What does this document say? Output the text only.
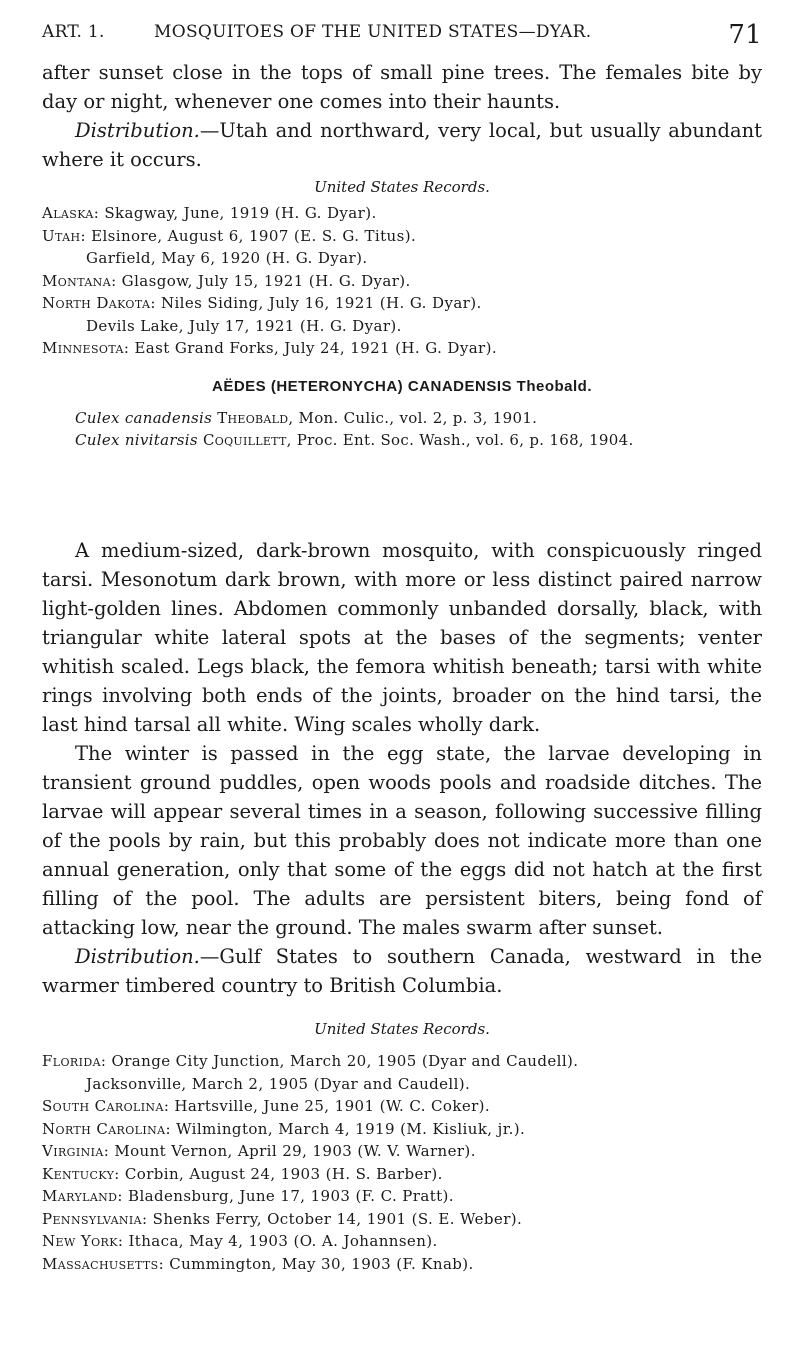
ART. 1.	MOSQUITOES OF THE UNITED STATES—DYAR.	71

after sunset close in the tops of small pine trees. The females bite by day or night, whenever one comes into their haunts.

Distribution.—Utah and northward, very local, but usually abundant where it occurs.

United States Records.
Alaska: Skagway, June, 1919 (H. G. Dyar).
Utah: Elsinore, August 6, 1907 (E. S. G. Titus).
Garfield, May 6, 1920 (H. G. Dyar).
Montana: Glasgow, July 15, 1921 (H. G. Dyar).
North Dakota: Niles Siding, July 16, 1921 (H. G. Dyar).
Devils Lake, July 17, 1921 (H. G. Dyar).
Minnesota: East Grand Forks, July 24, 1921 (H. G. Dyar).
AËDES (HETERONYCHA) CANADENSIS Theobald.
Culex canadensis Theobald, Mon. Culic., vol. 2, p. 3, 1901.
Culex nivitarsis Coquillett, Proc. Ent. Soc. Wash., vol. 6, p. 168, 1904.

A medium-sized, dark-brown mosquito, with conspicuously ringed tarsi. Mesonotum dark brown, with more or less distinct paired narrow light-golden lines. Abdomen commonly unbanded dorsally, black, with triangular white lateral spots at the bases of the segments; venter whitish scaled. Legs black, the femora whitish beneath; tarsi with white rings involving both ends of the joints, broader on the hind tarsi, the last hind tarsal all white. Wing scales wholly dark.

The winter is passed in the egg state, the larvae developing in transient ground puddles, open woods pools and roadside ditches. The larvae will appear several times in a season, following successive filling of the pools by rain, but this probably does not indicate more than one annual generation, only that some of the eggs did not hatch at the first filling of the pool. The adults are persistent biters, being fond of attacking low, near the ground. The males swarm after sunset.

Distribution.—Gulf States to southern Canada, westward in the warmer timbered country to British Columbia.

United States Records.
Florida: Orange City Junction, March 20, 1905 (Dyar and Caudell).
Jacksonville, March 2, 1905 (Dyar and Caudell).
South Carolina: Hartsville, June 25, 1901 (W. C. Coker).
North Carolina: Wilmington, March 4, 1919 (M. Kisliuk, jr.).
Virginia: Mount Vernon, April 29, 1903 (W. V. Warner).
Kentucky: Corbin, August 24, 1903 (H. S. Barber).
Maryland: Bladensburg, June 17, 1903 (F. C. Pratt).
Pennsylvania: Shenks Ferry, October 14, 1901 (S. E. Weber).
New York: Ithaca, May 4, 1903 (O. A. Johannsen).
Massachusetts: Cummington, May 30, 1903 (F. Knab).
